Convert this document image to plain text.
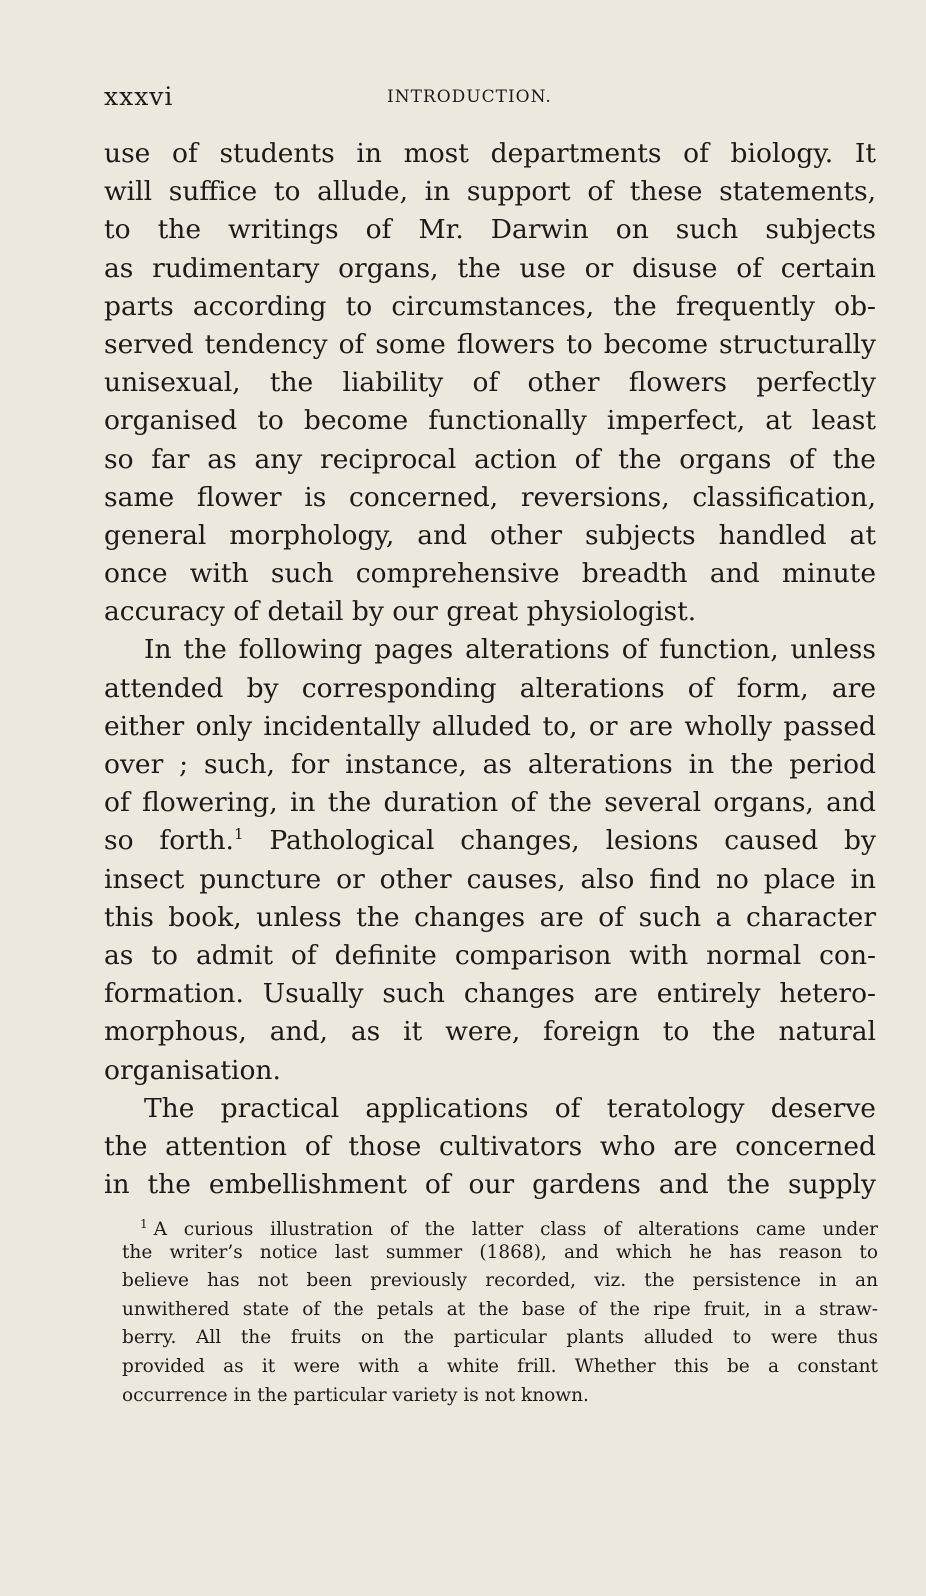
xxxvi	INTRODUCTION.
use of students in most departments of biology. It
will suffice to allude, in support of these statements,
to the writings of Mr. Darwin on such subjects
as rudimentary organs, the use or disuse of certain
parts according to circumstances, the frequently ob-
served tendency of some flowers to become structurally
unisexual, the liability of other flowers perfectly
organised to become functionally imperfect, at least
so far as any reciprocal action of the organs of the
same flower is concerned, reversions, classification,
general morphology, and other subjects handled at
once with such comprehensive breadth and minute
accuracy of detail by our great physiologist.
In the following pages alterations of function, unless
attended by corresponding alterations of form, are
either only incidentally alluded to, or are wholly passed
over ; such, for instance, as alterations in the period
of flowering, in the duration of the several organs, and
so forth.$^1$ Pathological changes, lesions caused by
insect puncture or other causes, also find no place in
this book, unless the changes are of such a character
as to admit of definite comparison with normal con-
formation. Usually such changes are entirely hetero-
morphous, and, as it were, foreign to the natural
organisation.
The practical applications of teratology deserve
the attention of those cultivators who are concerned
in the embellishment of our gardens and the supply
$^1$ A curious illustration of the latter class of alterations came under
the writer’s notice last summer (1868), and which he has reason to
believe has not been previously recorded, viz. the persistence in an
unwithered state of the petals at the base of the ripe fruit, in a straw-
berry. All the fruits on the particular plants alluded to were thus
provided as it were with a white frill. Whether this be a constant
occurrence in the particular variety is not known.
